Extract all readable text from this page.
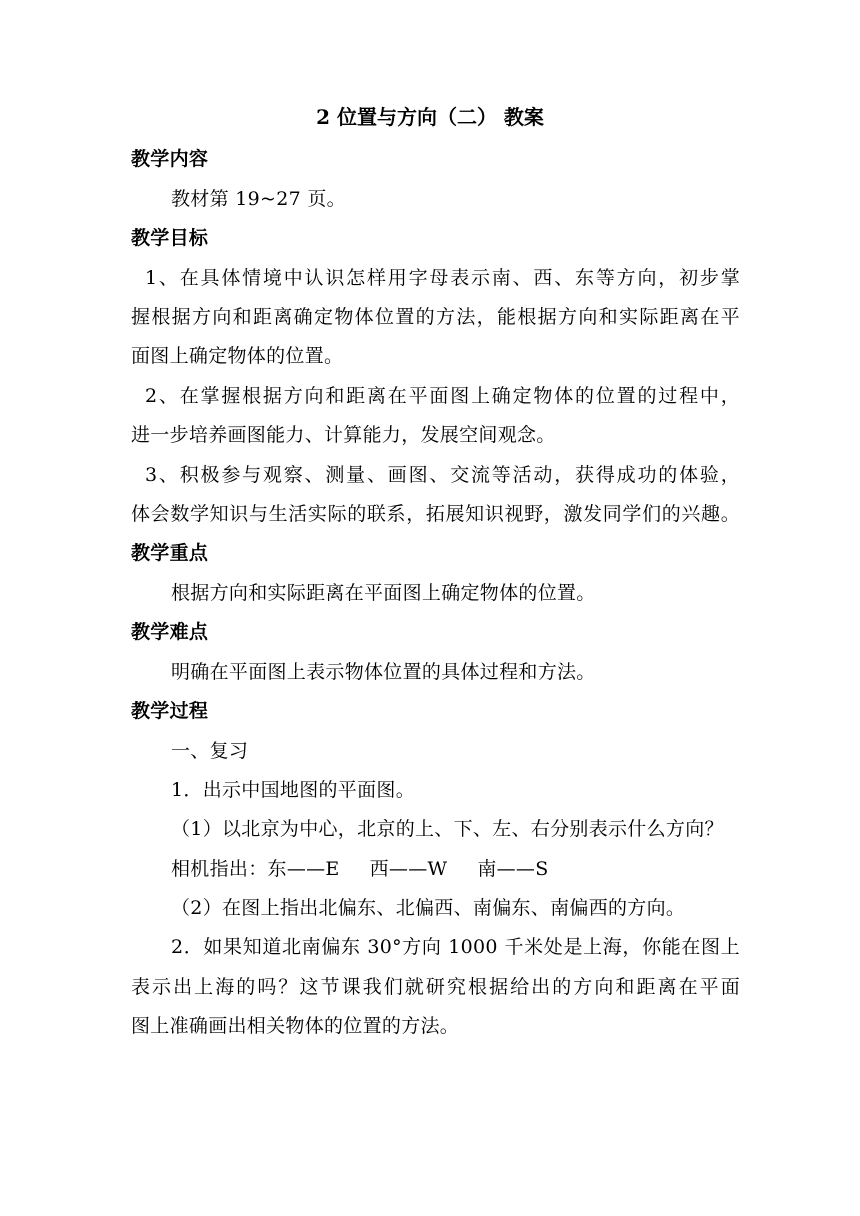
2 位置与方向（二） 教案
教学内容
教材第 19~27 页。
教学目标
1、在具体情境中认识怎样用字母表示南、西、东等方向，初步掌
握根据方向和距离确定物体位置的方法，能根据方向和实际距离在平
面图上确定物体的位置。
2、在掌握根据方向和距离在平面图上确定物体的位置的过程中，
进一步培养画图能力、计算能力，发展空间观念。
3、积极参与观察、测量、画图、交流等活动，获得成功的体验，
体会数学知识与生活实际的联系，拓展知识视野，激发同学们的兴趣。
教学重点
根据方向和实际距离在平面图上确定物体的位置。
教学难点
明确在平面图上表示物体位置的具体过程和方法。
教学过程
一、复习
1．出示中国地图的平面图。
（1）以北京为中心，北京的上、下、左、右分别表示什么方向？
相机指出：东——E 西——W 南——S
（2）在图上指出北偏东、北偏西、南偏东、南偏西的方向。
2．如果知道北南偏东 30°方向 1000 千米处是上海，你能在图上
表示出上海的吗？这节课我们就研究根据给出的方向和距离在平面
图上准确画出相关物体的位置的方法。
